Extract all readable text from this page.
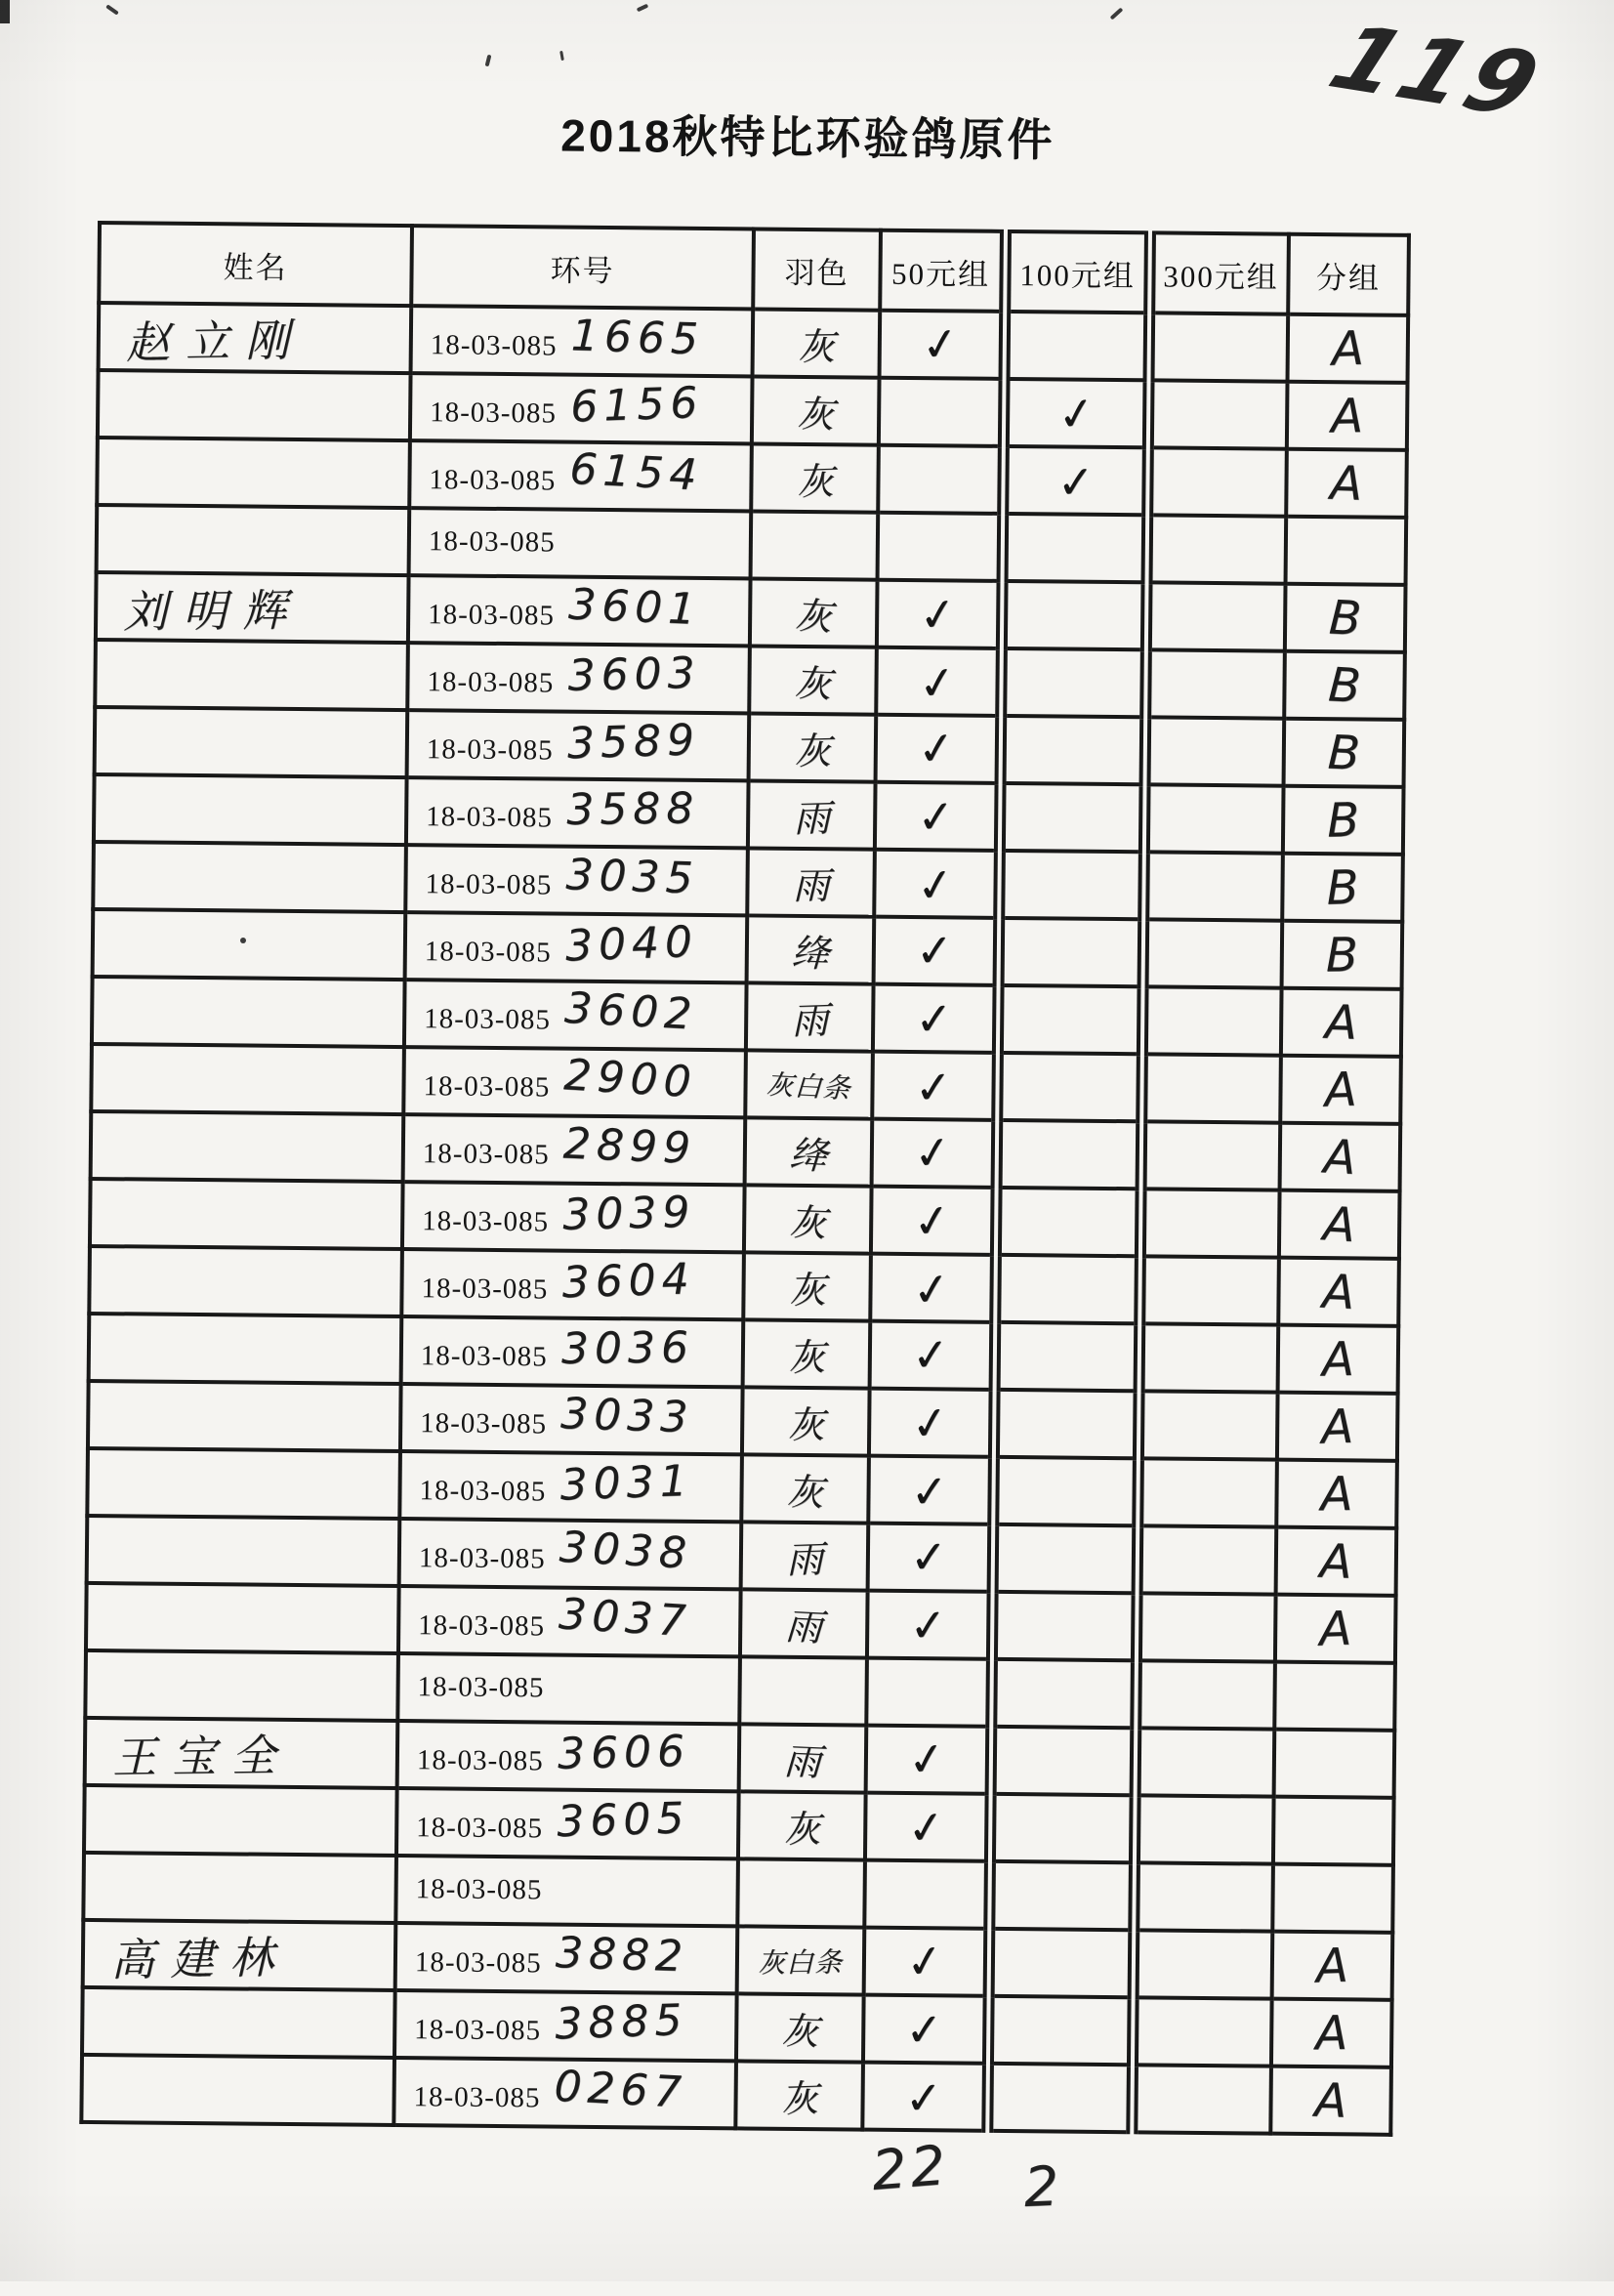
119
2018秋特比环验鸽原件
姓名	环号	羽色	50元组	100元组	300元组	分组
赵立刚	18-03-085 1665	灰	✓			A
	18-03-085 6156	灰		✓		A
	18-03-085 6154	灰		✓		A
	18-03-085					
刘明辉	18-03-085 3601	灰	✓			B
	18-03-085 3603	灰	✓			B
	18-03-085 3589	灰	✓			B
	18-03-085 3588	雨	✓			B
	18-03-085 3035	雨	✓			B
	18-03-085 3040	绛	✓			B
	18-03-085 3602	雨	✓			A
	18-03-085 2900	灰白条	✓			A
	18-03-085 2899	绛	✓			A
	18-03-085 3039	灰	✓			A
	18-03-085 3604	灰	✓			A
	18-03-085 3036	灰	✓			A
	18-03-085 3033	灰	✓			A
	18-03-085 3031	灰	✓			A
	18-03-085 3038	雨	✓			A
	18-03-085 3037	雨	✓			A
	18-03-085					
王宝全	18-03-085 3606	雨	✓			
	18-03-085 3605	灰	✓			
	18-03-085					
高建林	18-03-085 3882	灰白条	✓			A
	18-03-085 3885	灰	✓			A
	18-03-085 0267	灰	✓			A
22 2
